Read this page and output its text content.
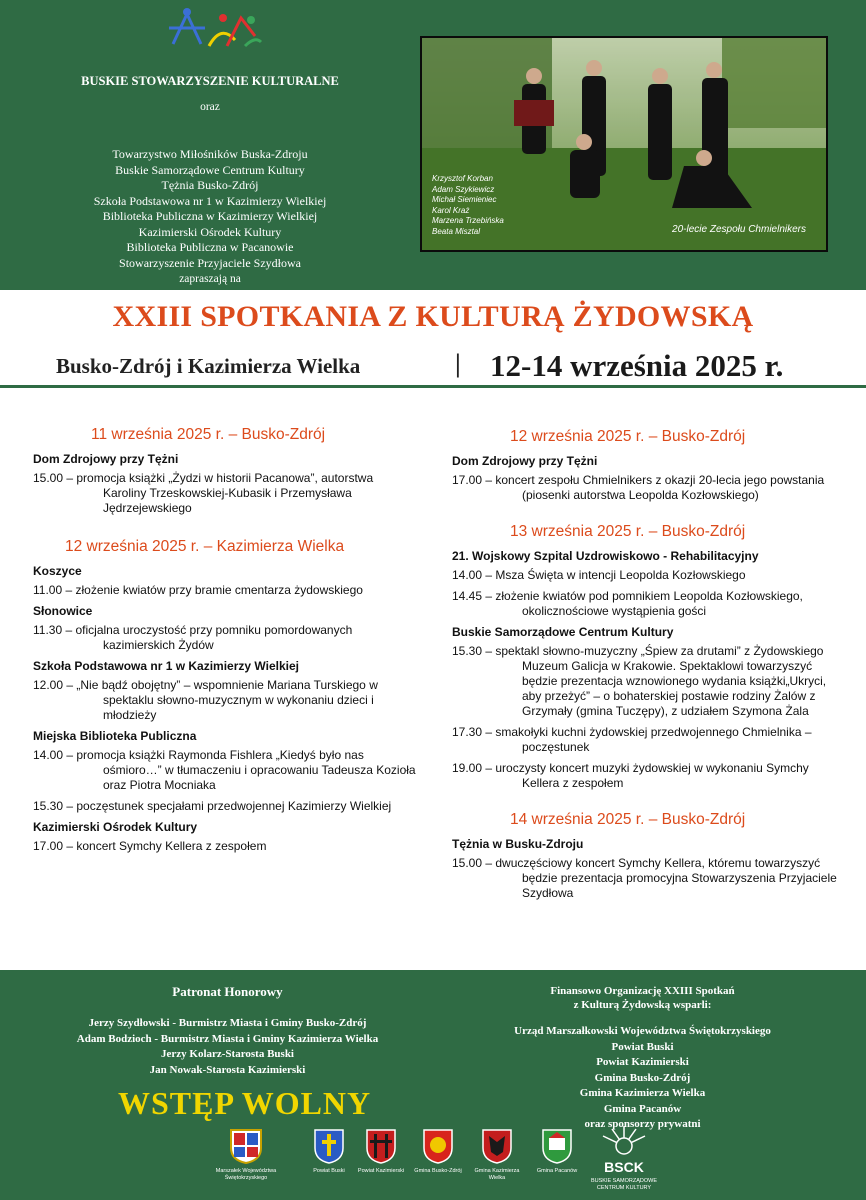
BUSKIE STOWARZYSZENIE KULTURALNE
oraz
Towarzystwo Miłośników Buska-Zdroju
Buskie Samorządowe Centrum Kultury
Tężnia Busko-Zdrój
Szkoła Podstawowa nr 1 w Kazimierzy Wielkiej
Biblioteka Publiczna w Kazimierzy Wielkiej
Kazimierski Ośrodek Kultury
Biblioteka Publiczna w Pacanowie
Stowarzyszenie Przyjaciele Szydłowa
zapraszają na
Krzysztof Korban
Adam Szykiewicz
Michał Siemieniec
Karol Kraż
Marzena Trzebińska
Beata Misztal	20-lecie Zespołu Chmielnikers
XXIII SPOTKANIA Z KULTURĄ ŻYDOWSKĄ
Busko-Zdrój i Kazimierza Wielka	| 12-14 września 2025 r.
11 września 2025 r. – Busko-Zdrój
Dom Zdrojowy przy Tężni
15.00 – promocja książki „Żydzi w historii Pacanowa”, autorstwa Karoliny Trzeskowskiej-Kubasik i Przemysława Jędrzejewskiego
12 września 2025 r. – Kazimierza Wielka
Koszyce
11.00 – złożenie kwiatów przy bramie cmentarza żydowskiego
Słonowice
11.30 – oficjalna uroczystość przy pomniku pomordowanych kazimierskich Żydów
Szkoła Podstawowa nr 1 w Kazimierzy Wielkiej
12.00 – „Nie bądź obojętny” – wspomnienie Mariana Turskiego w spektaklu słowno-muzycznym w wykonaniu dzieci i młodzieży
Miejska Biblioteka Publiczna
14.00 – promocja książki Raymonda Fishlera „Kiedyś było nas ośmioro…” w tłumaczeniu i opracowaniu Tadeusza Kozioła oraz Piotra Mocniaka
15.30 – poczęstunek specjałami przedwojennej Kazimierzy Wielkiej
Kazimierski Ośrodek Kultury
17.00 – koncert Symchy Kellera z zespołem
12 września 2025 r. – Busko-Zdrój
Dom Zdrojowy przy Tężni
17.00 – koncert zespołu Chmielnikers z okazji 20-lecia jego powstania (piosenki autorstwa Leopolda Kozłowskiego)
13 września 2025 r. – Busko-Zdrój
21. Wojskowy Szpital Uzdrowiskowo - Rehabilitacyjny
14.00 – Msza Święta w intencji Leopolda Kozłowskiego
14.45 – złożenie kwiatów pod pomnikiem Leopolda Kozłowskiego, okolicznościowe wystąpienia gości
Buskie Samorządowe Centrum Kultury
15.30 – spektakl słowno-muzyczny „Śpiew za drutami” z Żydowskiego Muzeum Galicja w Krakowie. Spektaklowi towarzyszyć będzie prezentacja wznowionego wydania książki„Ukryci, aby przeżyć” – o bohaterskiej postawie rodziny Żalów z Grzymały (gmina Tuczępy), z udziałem Szymona Żala
17.30 – smakołyki kuchni żydowskiej przedwojennego Chmielnika – poczęstunek
19.00 – uroczysty koncert muzyki żydowskiej w wykonaniu Symchy Kellera z zespołem
14 września 2025 r. – Busko-Zdrój
Tężnia w Busku-Zdroju
15.00 – dwuczęściowy koncert Symchy Kellera, któremu towarzyszyć będzie prezentacja promocyjna Stowarzyszenia Przyjaciele Szydłowa
Patronat Honorowy
Jerzy Szydłowski - Burmistrz Miasta i Gminy Busko-Zdrój
Adam Bodzioch - Burmistrz Miasta i Gminy Kazimierza Wielka
Jerzy Kolarz-Starosta Buski
Jan Nowak-Starosta Kazimierski
WSTĘP WOLNY
Finansowo Organizację XXIII Spotkań
z Kulturą Żydowską wsparli:
Urząd Marszałkowski Województwa Świętokrzyskiego
Powiat Buski
Powiat Kazimierski
Gmina Busko-Zdrój
Gmina Kazimierza Wielka
Gmina Pacanów
oraz sponsorzy prywatni
Marszałek Województwa Świętokrzyskiego
Powiat Buski	Powiat Kazimierski	Gmina Busko-Zdrój	Gmina Kazimierza Wielka
Gmina Pacanów	BSCK
BUSKIE SAMORZĄDOWE CENTRUM KULTURY
